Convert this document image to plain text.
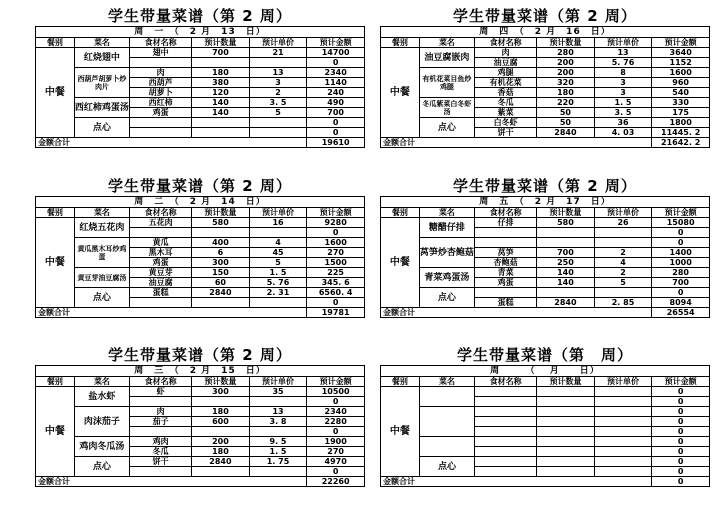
学生带量菜谱（第 2 周）
周　一　（　2 月　13　日）					
餐别	菜名	食材名称	预计数量	预计单价	预计金额
中餐	红烧翅中	翅中	700	21	14700
					0
	西葫芦胡萝卜炒肉片	肉	180	13	2340
		西葫芦	380	3	1140
		胡萝卜	120	2	240
	西红柿鸡蛋汤	西红柿	140	3. 5	490
		鸡蛋	140	5	700
	点心				0
					0
金额合计					19610
学生带量菜谱（第 2 周）
周　四　（　2 月　16　日）					
餐别	菜名	食材名称	预计数量	预计单价	预计金额
中餐	油豆腐嵌肉	肉	280	13	3640
		油豆腐	200	5. 76	1152
	有机花菜目鱼炒鸡腿	鸡腿	200	8	1600
		有机花菜	320	3	960
		香菇	180	3	540
	冬瓜紫菜白冬虾汤	冬瓜	220	1. 5	330
		紫菜	50	3. 5	175
	点心	白冬虾	50	36	1800
		饼干	2840	4. 03	11445. 2
金额合计					21642. 2
学生带量菜谱（第 2 周）
周　二　（　2 月　14　日）					
餐别	菜名	食材名称	预计数量	预计单价	预计金额
中餐	红烧五花肉	五花肉	580	16	9280
					0
	黄瓜黑木耳炒鸡蛋	黄瓜	400	4	1600
		黑木耳	6	45	270
		鸡蛋	300	5	1500
	黄豆芽油豆腐汤	黄豆芽	150	1. 5	225
		油豆腐	60	5. 76	345. 6
	点心	蛋糕	2840	2. 31	6560. 4
					0
金额合计					19781
学生带量菜谱（第 2 周）
周　五　（　2 月　17　日）					
餐别	菜名	食材名称	预计数量	预计单价	预计金额
中餐	糖醋仔排	仔排	580	26	15080
					0
	莴笋炒杏鲍菇				0
		莴笋	700	2	1400
		杏鲍菇	250	4	1000
	青菜鸡蛋汤	青菜	140	2	280
		鸡蛋	140	5	700
	点心				0
		蛋糕	2840	2. 85	8094
金额合计					26554
学生带量菜谱（第 2 周）
周　三　（　2 月　15　日）					
餐别	菜名	食材名称	预计数量	预计单价	预计金额
中餐	盐水虾	虾	300	35	10500
					0
	肉沫茄子	肉	180	13	2340
		茄子	600	3. 8	2280
					0
	鸡肉冬瓜汤	鸡肉	200	9. 5	1900
		冬瓜	180	1. 5	270
	点心	饼干	2840	1. 75	4970
					0
金额合计					22260
学生带量菜谱（第　周）
周　　　（　 月　　日）					
餐别	菜名	食材名称	预计数量	预计单价	预计金额
中餐					0
					0
					0
					0
					0
					0
					0
	点心				0
					0
金额合计					0
